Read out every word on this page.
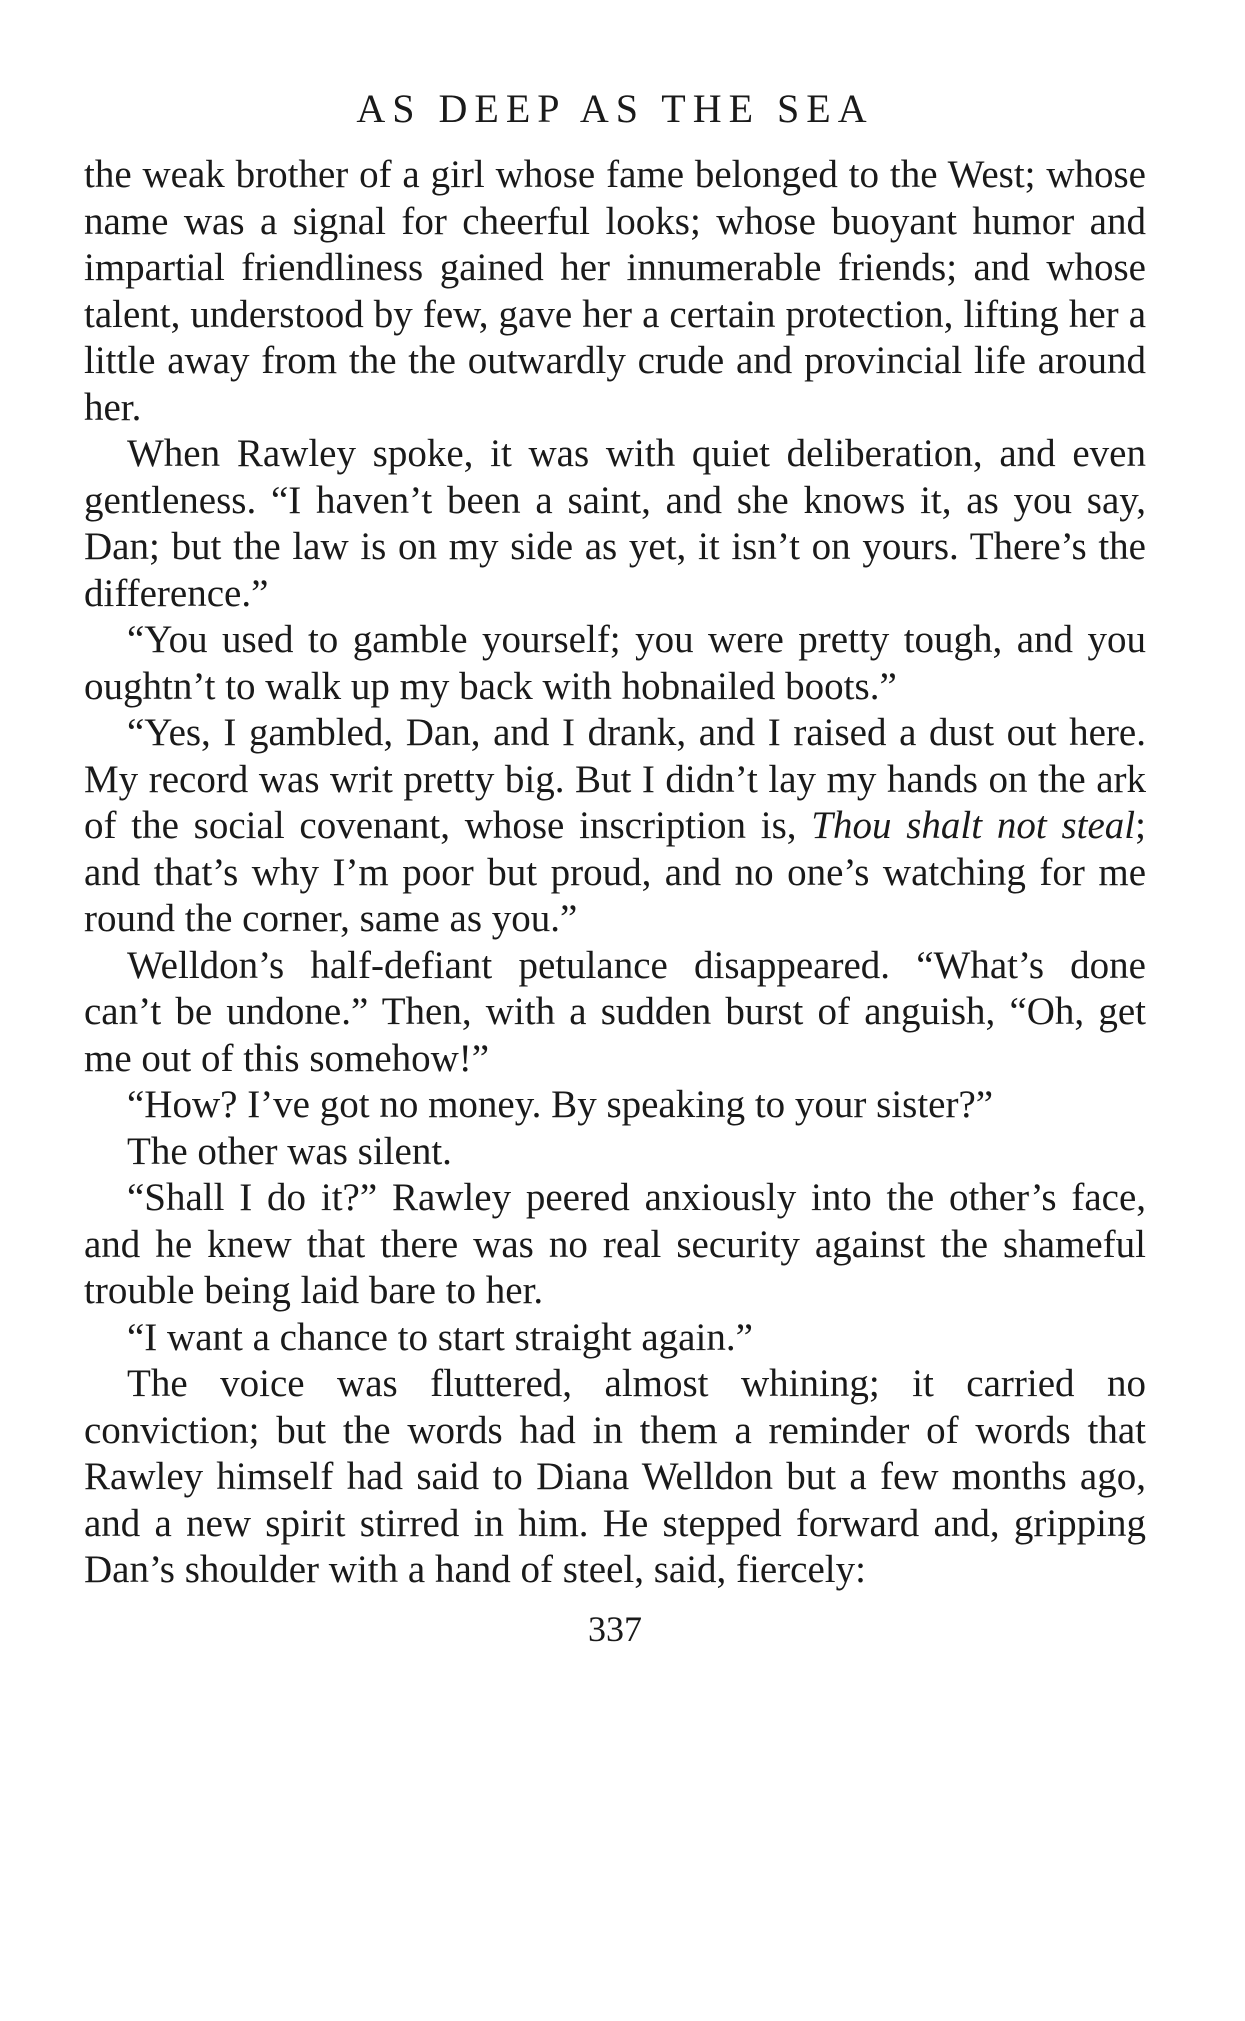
AS DEEP AS THE SEA

the weak brother of a girl whose fame belonged to the West; whose name was a signal for cheerful looks; whose buoyant humor and impartial friendliness gained her innumerable friends; and whose talent, understood by few, gave her a certain protection, lifting her a little away from the the outwardly crude and provincial life around her.

When Rawley spoke, it was with quiet deliberation, and even gentleness. “I haven’t been a saint, and she knows it, as you say, Dan; but the law is on my side as yet, it isn’t on yours. There’s the difference.”

“You used to gamble yourself; you were pretty tough, and you oughtn’t to walk up my back with hobnailed boots.”

“Yes, I gambled, Dan, and I drank, and I raised a dust out here. My record was writ pretty big. But I didn’t lay my hands on the ark of the social covenant, whose inscription is, Thou shalt not steal; and that’s why I’m poor but proud, and no one’s watching for me round the corner, same as you.”

Welldon’s half-defiant petulance disappeared. “What’s done can’t be undone.” Then, with a sudden burst of anguish, “Oh, get me out of this somehow!”

“How? I’ve got no money. By speaking to your sister?”

The other was silent.

“Shall I do it?” Rawley peered anxiously into the other’s face, and he knew that there was no real security against the shameful trouble being laid bare to her.

“I want a chance to start straight again.”

The voice was fluttered, almost whining; it carried no conviction; but the words had in them a reminder of words that Rawley himself had said to Diana Welldon but a few months ago, and a new spirit stirred in him. He stepped forward and, gripping Dan’s shoulder with a hand of steel, said, fiercely:

337
